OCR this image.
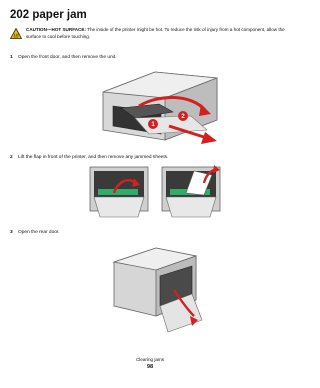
202 paper jam
CAUTION—HOT SURFACE: The inside of the printer might be hot. To reduce the risk of injury from a hot component, allow the surface to cool before touching.
1 Open the front door, and then remove the unit.
1
2
2 Lift the flap in front of the printer, and then remove any jammed sheets.
3 Open the rear door.
Clearing jams
98
